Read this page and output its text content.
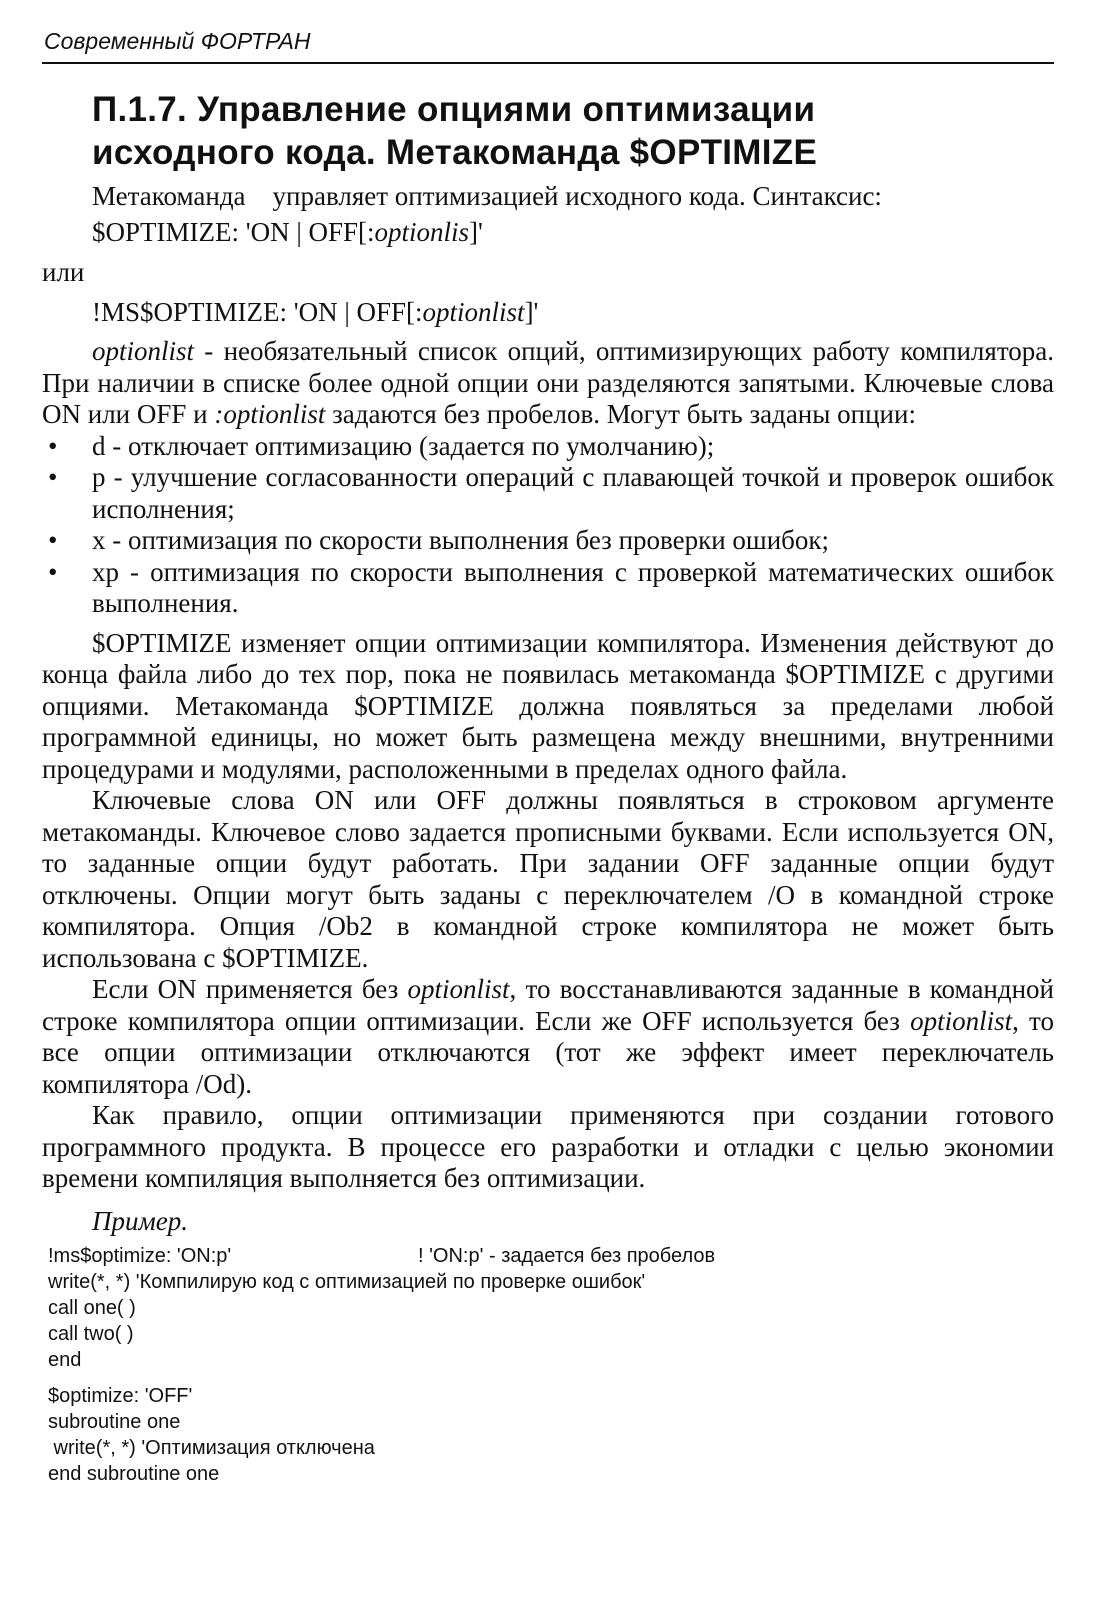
Современный ФОРТРАН
П.1.7. Управление опциями оптимизации
исходного кода. Метакоманда $OPTIMIZE

Метакоманда    управляет оптимизацией исходного кода. Синтаксис:

$OPTIMIZE: 'ON | OFF[:optionlis]'

или

!MS$OPTIMIZE: 'ON | OFF[:optionlist]'

optionlist - необязательный список опций, оптимизирующих работу компилятора. При наличии в списке более одной опции они разделяются запятыми. Ключевые слова ON или OFF и :optionlist задаются без пробелов. Могут быть заданы опции:

• d - отключает оптимизацию (задается по умолчанию);
• p - улучшение согласованности операций с плавающей точкой и проверок ошибок исполнения;
• x - оптимизация по скорости выполнения без проверки ошибок;
• xp - оптимизация по скорости выполнения с проверкой математических ошибок выполнения.

$OPTIMIZE изменяет опции оптимизации компилятора. Изменения действуют до конца файла либо до тех пор, пока не появилась метакоманда $OPTIMIZE с другими опциями. Метакоманда $OPTIMIZE должна появляться за пределами любой программной единицы, но может быть размещена между внешними, внутренними процедурами и модулями, расположенными в пределах одного файла.

Ключевые слова ON или OFF должны появляться в строковом аргументе метакоманды. Ключевое слово задается прописными буквами. Если используется ON, то заданные опции будут работать. При задании OFF заданные опции будут отключены. Опции могут быть заданы с переключателем /O в командной строке компилятора. Опция /Ob2 в командной строке компилятора не может быть использована с $OPTIMIZE.

Если ON применяется без optionlist, то восстанавливаются заданные в командной строке компилятора опции оптимизации. Если же OFF используется без optionlist, то все опции оптимизации отключаются (тот же эффект имеет переключатель компилятора /Od).

Как правило, опции оптимизации применяются при создании готового программного продукта. В процессе его разработки и отладки с целью экономии времени компиляция выполняется без оптимизации.

Пример.
!ms$optimize: 'ON:p'	! 'ON:p' - задается без пробелов
write(*, *) 'Компилирую код с оптимизацией по проверке ошибок'
call one( )
call two( )
end
$optimize: 'OFF'
subroutine one
write(*, *) 'Оптимизация отключена
end subroutine one
